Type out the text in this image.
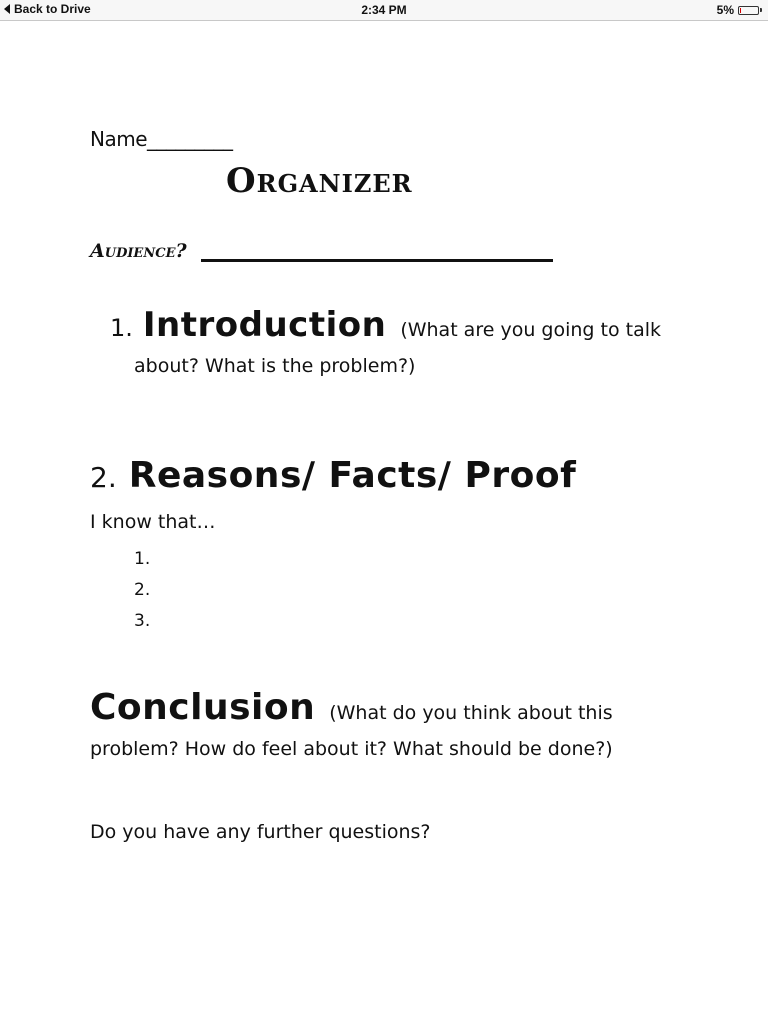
Back to Drive	2:34 PM	5%
Name_________
Organizer
Audience?
1. Introduction (What are you going to talk
about? What is the problem?)
2. Reasons/ Facts/ Proof
I know that…
1.
2.
3.
Conclusion (What do you think about this
problem? How do feel about it? What should be done?)
Do you have any further questions?
